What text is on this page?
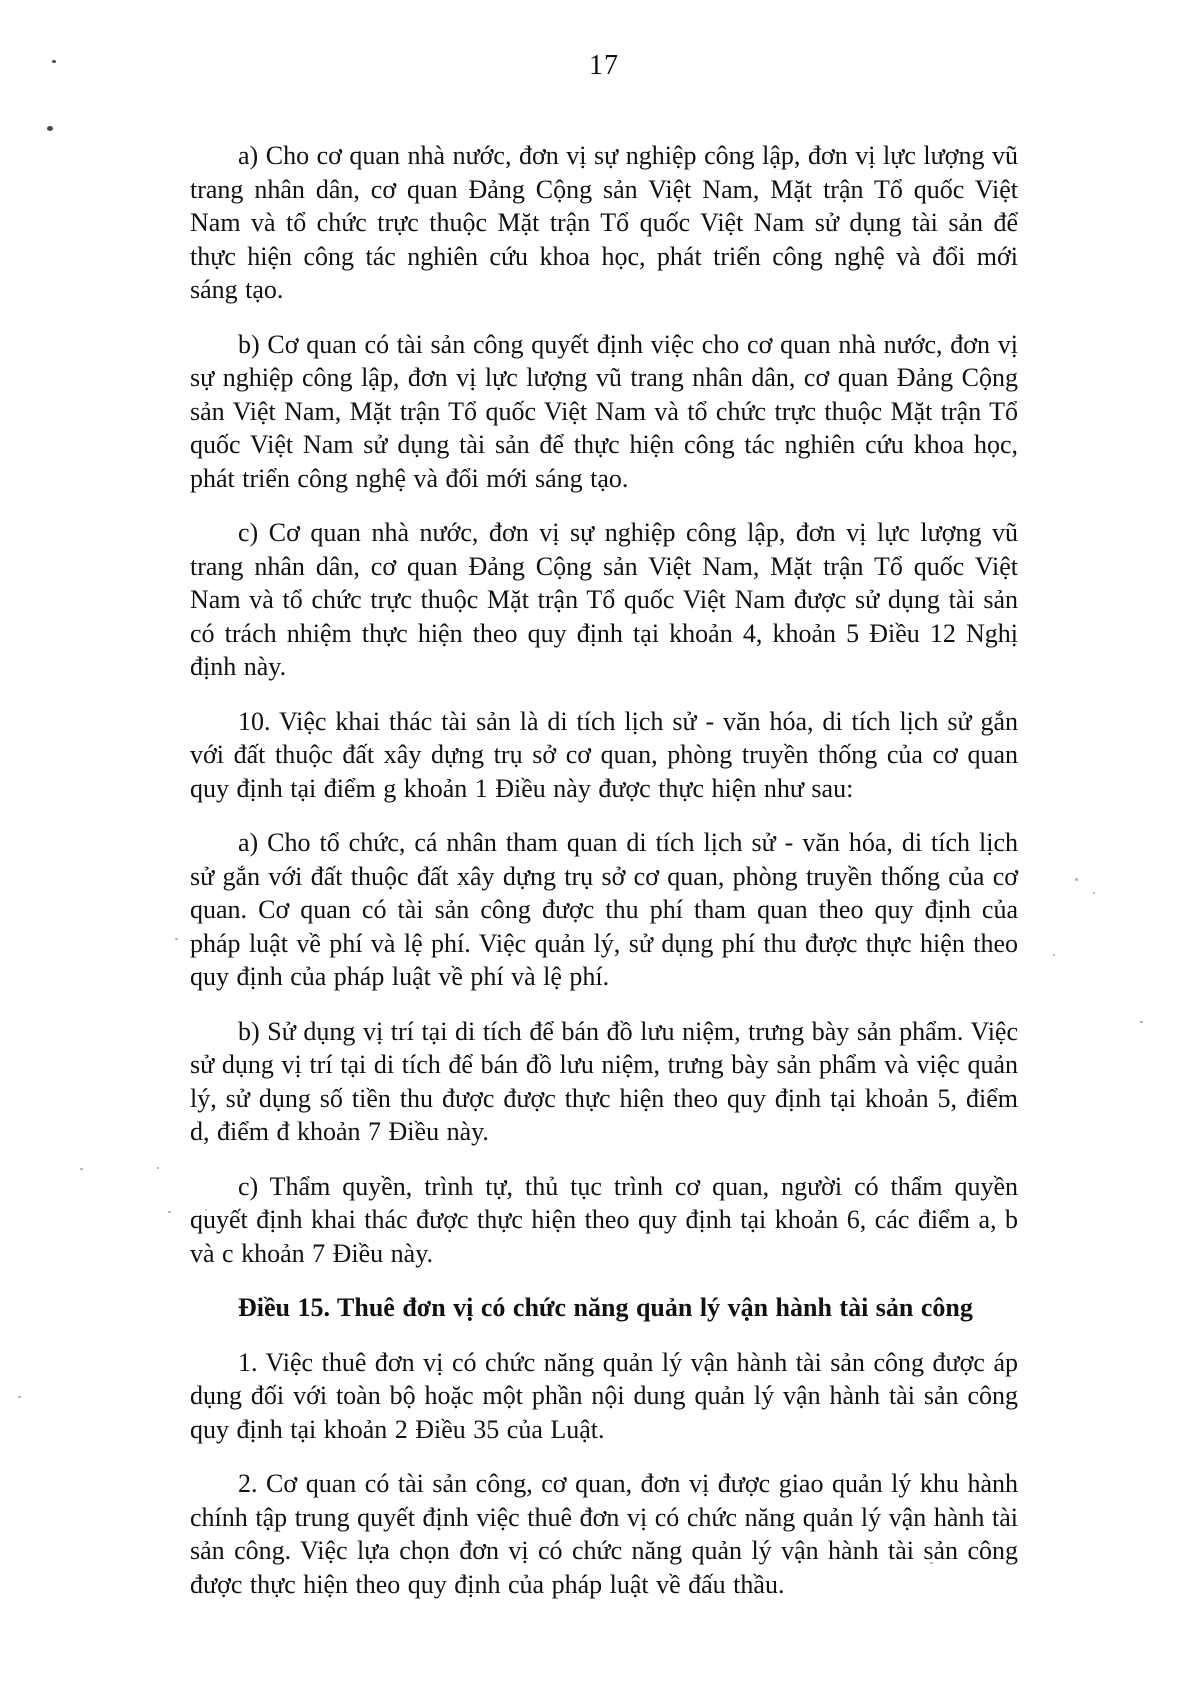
17

a) Cho cơ quan nhà nước, đơn vị sự nghiệp công lập, đơn vị lực lượng vũ trang nhân dân, cơ quan Đảng Cộng sản Việt Nam, Mặt trận Tổ quốc Việt Nam và tổ chức trực thuộc Mặt trận Tổ quốc Việt Nam sử dụng tài sản để thực hiện công tác nghiên cứu khoa học, phát triển công nghệ và đổi mới sáng tạo.

b) Cơ quan có tài sản công quyết định việc cho cơ quan nhà nước, đơn vị sự nghiệp công lập, đơn vị lực lượng vũ trang nhân dân, cơ quan Đảng Cộng sản Việt Nam, Mặt trận Tổ quốc Việt Nam và tổ chức trực thuộc Mặt trận Tổ quốc Việt Nam sử dụng tài sản để thực hiện công tác nghiên cứu khoa học, phát triển công nghệ và đổi mới sáng tạo.

c) Cơ quan nhà nước, đơn vị sự nghiệp công lập, đơn vị lực lượng vũ trang nhân dân, cơ quan Đảng Cộng sản Việt Nam, Mặt trận Tổ quốc Việt Nam và tổ chức trực thuộc Mặt trận Tổ quốc Việt Nam được sử dụng tài sản có trách nhiệm thực hiện theo quy định tại khoản 4, khoản 5 Điều 12 Nghị định này.

10. Việc khai thác tài sản là di tích lịch sử - văn hóa, di tích lịch sử gắn với đất thuộc đất xây dựng trụ sở cơ quan, phòng truyền thống của cơ quan quy định tại điểm g khoản 1 Điều này được thực hiện như sau:

a) Cho tổ chức, cá nhân tham quan di tích lịch sử - văn hóa, di tích lịch sử gắn với đất thuộc đất xây dựng trụ sở cơ quan, phòng truyền thống của cơ quan. Cơ quan có tài sản công được thu phí tham quan theo quy định của pháp luật về phí và lệ phí. Việc quản lý, sử dụng phí thu được thực hiện theo quy định của pháp luật về phí và lệ phí.

b) Sử dụng vị trí tại di tích để bán đồ lưu niệm, trưng bày sản phẩm. Việc sử dụng vị trí tại di tích để bán đồ lưu niệm, trưng bày sản phẩm và việc quản lý, sử dụng số tiền thu được được thực hiện theo quy định tại khoản 5, điểm d, điểm đ khoản 7 Điều này.

c) Thẩm quyền, trình tự, thủ tục trình cơ quan, người có thẩm quyền quyết định khai thác được thực hiện theo quy định tại khoản 6, các điểm a, b và c khoản 7 Điều này.

Điều 15. Thuê đơn vị có chức năng quản lý vận hành tài sản công

1. Việc thuê đơn vị có chức năng quản lý vận hành tài sản công được áp dụng đối với toàn bộ hoặc một phần nội dung quản lý vận hành tài sản công quy định tại khoản 2 Điều 35 của Luật.

2. Cơ quan có tài sản công, cơ quan, đơn vị được giao quản lý khu hành chính tập trung quyết định việc thuê đơn vị có chức năng quản lý vận hành tài sản công. Việc lựa chọn đơn vị có chức năng quản lý vận hành tài sản công được thực hiện theo quy định của pháp luật về đấu thầu.
